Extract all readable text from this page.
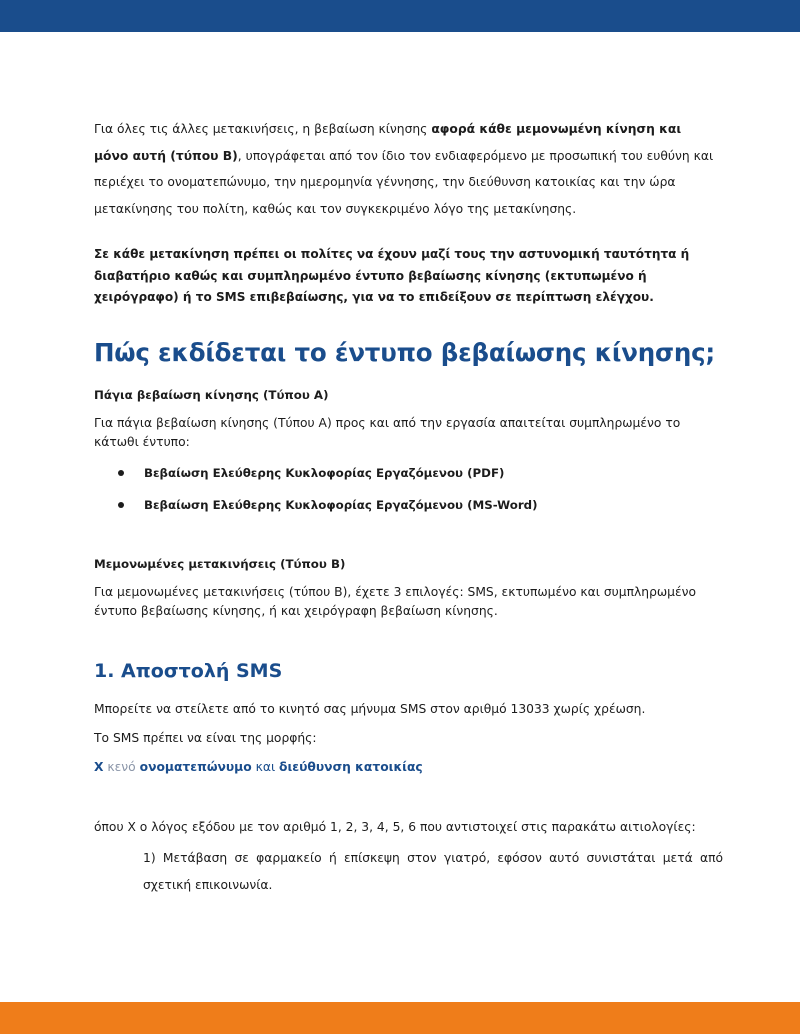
Για όλες τις άλλες μετακινήσεις, η βεβαίωση κίνησης αφορά κάθε μεμονωμένη κίνηση και μόνο αυτή (τύπου Β), υπογράφεται από τον ίδιο τον ενδιαφερόμενο με προσωπική του ευθύνη και περιέχει το ονοματεπώνυμο, την ημερομηνία γέννησης, την διεύθυνση κατοικίας και την ώρα μετακίνησης του πολίτη, καθώς και τον συγκεκριμένο λόγο της μετακίνησης.

Σε κάθε μετακίνηση πρέπει οι πολίτες να έχουν μαζί τους την αστυνομική ταυτότητα ή διαβατήριο καθώς και συμπληρωμένο έντυπο βεβαίωσης κίνησης (εκτυπωμένο ή χειρόγραφο) ή το SMS επιβεβαίωσης, για να το επιδείξουν σε περίπτωση ελέγχου.

Πώς εκδίδεται το έντυπο βεβαίωσης κίνησης;

Πάγια βεβαίωση κίνησης (Τύπου Α)

Για πάγια βεβαίωση κίνησης (Τύπου Α) προς και από την εργασία απαιτείται συμπληρωμένο το κάτωθι έντυπο:

Βεβαίωση Ελεύθερης Κυκλοφορίας Εργαζόμενου (PDF)
Βεβαίωση Ελεύθερης Κυκλοφορίας Εργαζόμενου (MS-Word)

Μεμονωμένες μετακινήσεις (Τύπου Β)

Για μεμονωμένες μετακινήσεις (τύπου Β), έχετε 3 επιλογές: SMS, εκτυπωμένο και συμπληρωμένο έντυπο βεβαίωσης κίνησης, ή και χειρόγραφη βεβαίωση κίνησης.

1. Αποστολή SMS

Μπορείτε να στείλετε από το κινητό σας μήνυμα SMS στον αριθμό 13033 χωρίς χρέωση.

Το SMS πρέπει να είναι της μορφής:

Χ κενό ονοματεπώνυμο και διεύθυνση κατοικίας

όπου Χ ο λόγος εξόδου με τον αριθμό 1, 2, 3, 4, 5, 6 που αντιστοιχεί στις παρακάτω αιτιολογίες:

1) Μετάβαση σε φαρμακείο ή επίσκεψη στον γιατρό, εφόσον αυτό συνιστάται μετά από σχετική επικοινωνία.
